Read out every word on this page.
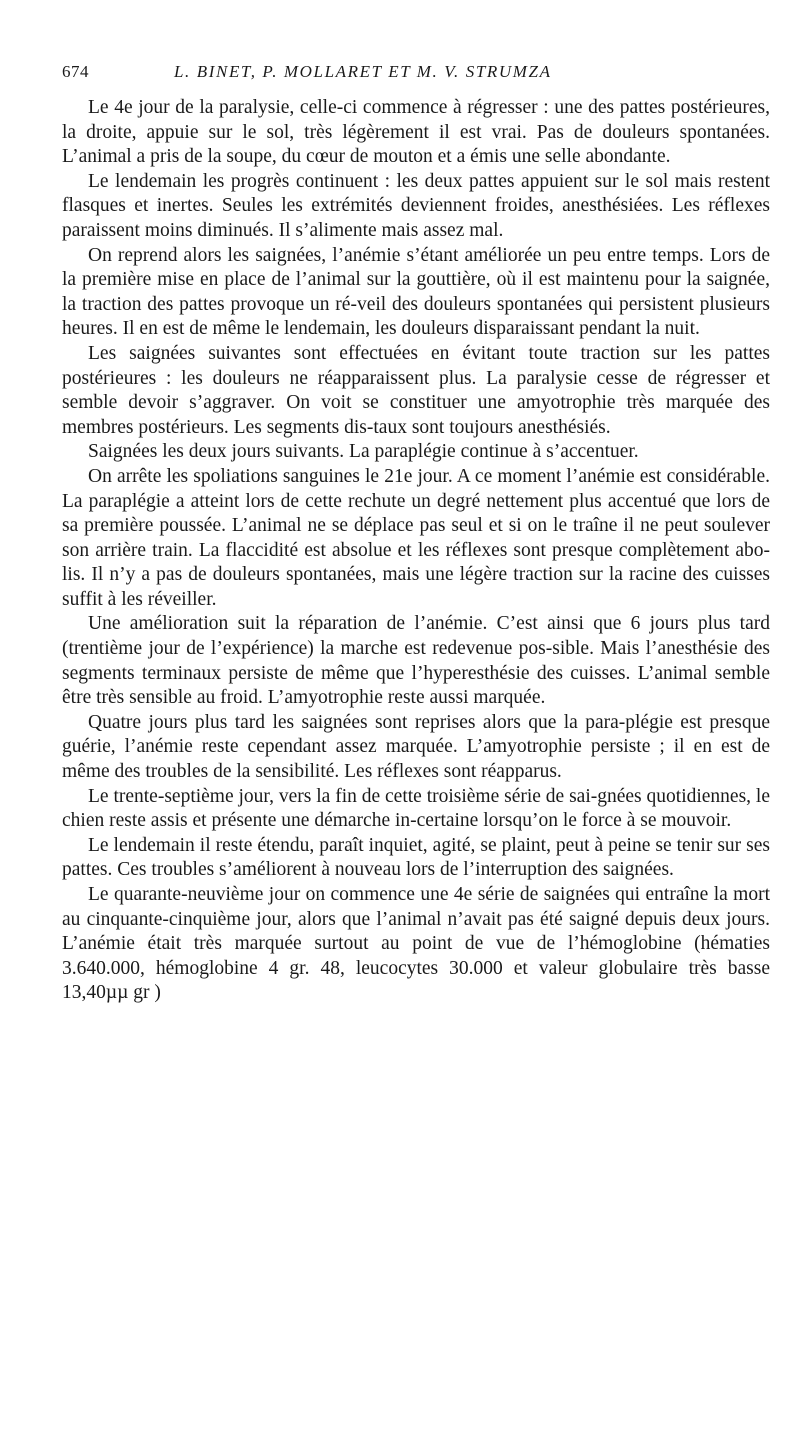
674	L. BINET, P. MOLLARET ET M. V. STRUMZA

Le 4e jour de la paralysie, celle-ci commence à régresser : une des pattes postérieures, la droite, appuie sur le sol, très légèrement il est vrai. Pas de douleurs spontanées. L’animal a pris de la soupe, du cœur de mouton et a émis une selle abondante.

Le lendemain les progrès continuent : les deux pattes appuient sur le sol mais restent flasques et inertes. Seules les extrémités deviennent froides, anesthésiées. Les réflexes paraissent moins diminués. Il s’alimente mais assez mal.

On reprend alors les saignées, l’anémie s’étant améliorée un peu entre temps. Lors de la première mise en place de l’animal sur la gouttière, où il est maintenu pour la saignée, la traction des pattes provoque un ré-veil des douleurs spontanées qui persistent plusieurs heures. Il en est de même le lendemain, les douleurs disparaissant pendant la nuit.

Les saignées suivantes sont effectuées en évitant toute traction sur les pattes postérieures : les douleurs ne réapparaissent plus. La paralysie cesse de régresser et semble devoir s’aggraver. On voit se constituer une amyotrophie très marquée des membres postérieurs. Les segments dis-taux sont toujours anesthésiés.

Saignées les deux jours suivants. La paraplégie continue à s’accentuer.

On arrête les spoliations sanguines le 21e jour. A ce moment l’anémie est considérable. La paraplégie a atteint lors de cette rechute un degré nettement plus accentué que lors de sa première poussée. L’animal ne se déplace pas seul et si on le traîne il ne peut soulever son arrière train. La flaccidité est absolue et les réflexes sont presque complètement abo-lis. Il n’y a pas de douleurs spontanées, mais une légère traction sur la racine des cuisses suffit à les réveiller.

Une amélioration suit la réparation de l’anémie. C’est ainsi que 6 jours plus tard (trentième jour de l’expérience) la marche est redevenue pos-sible. Mais l’anesthésie des segments terminaux persiste de même que l’hyperesthésie des cuisses. L’animal semble être très sensible au froid. L’amyotrophie reste aussi marquée.

Quatre jours plus tard les saignées sont reprises alors que la para-plégie est presque guérie, l’anémie reste cependant assez marquée. L’amyotrophie persiste ; il en est de même des troubles de la sensibilité. Les réflexes sont réapparus.

Le trente-septième jour, vers la fin de cette troisième série de sai-gnées quotidiennes, le chien reste assis et présente une démarche in-certaine lorsqu’on le force à se mouvoir.

Le lendemain il reste étendu, paraît inquiet, agité, se plaint, peut à peine se tenir sur ses pattes. Ces troubles s’améliorent à nouveau lors de l’interruption des saignées.

Le quarante-neuvième jour on commence une 4e série de saignées qui entraîne la mort au cinquante-cinquième jour, alors que l’animal n’avait pas été saigné depuis deux jours. L’anémie était très marquée surtout au point de vue de l’hémoglobine (hématies 3.640.000, hémoglobine 4 gr. 48, leucocytes 30.000 et valeur globulaire très basse 13,40µµ gr )
